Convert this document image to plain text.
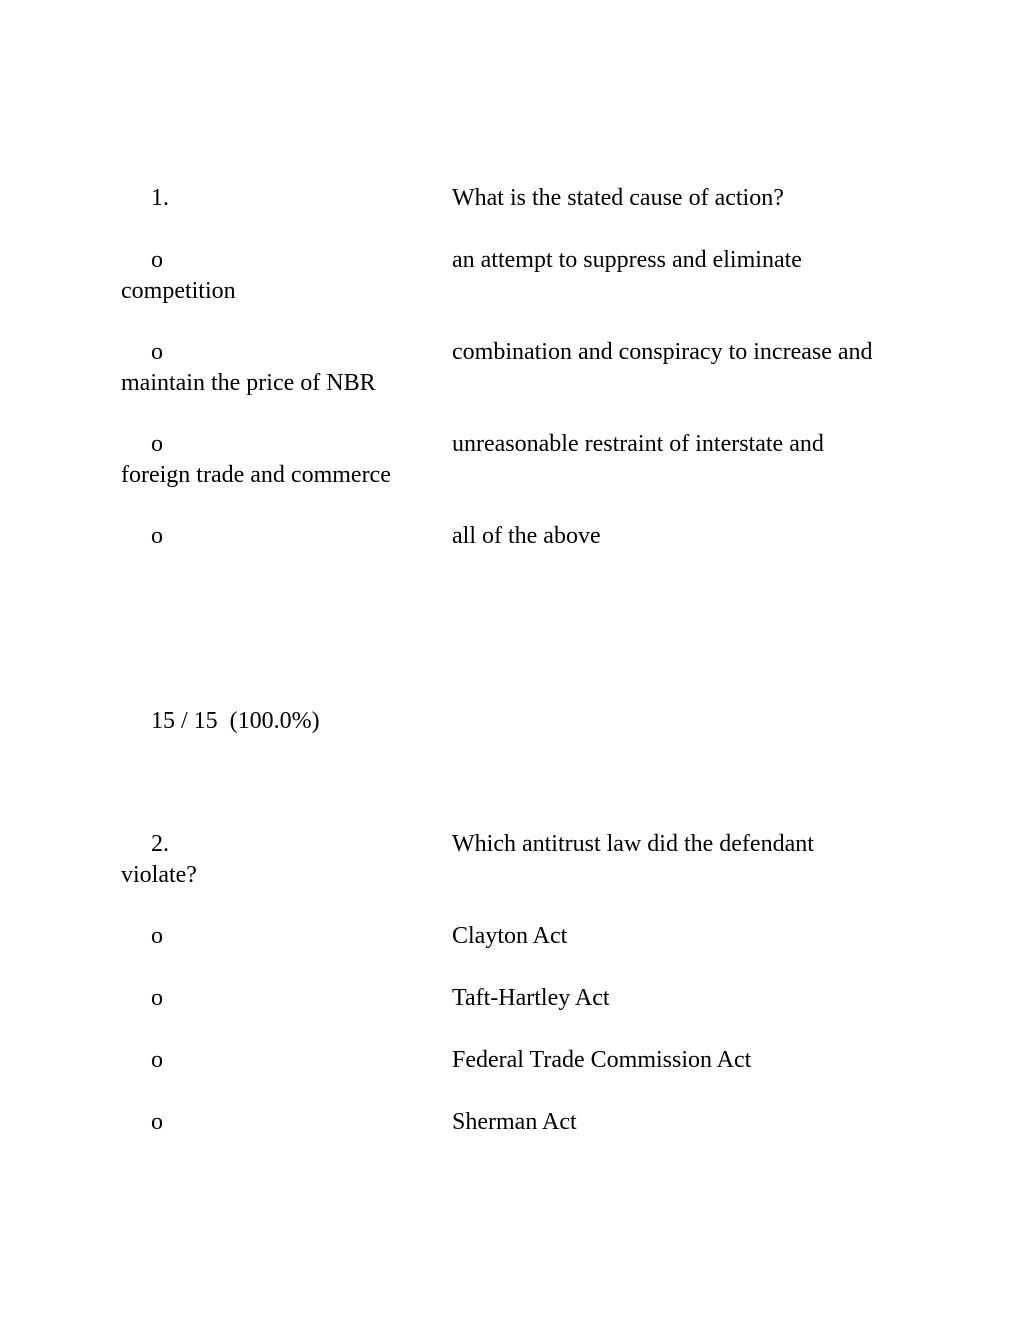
1.	What is the stated cause of action?
o	an attempt to suppress and eliminate competition
o	combination and conspiracy to increase and maintain the price of NBR
o	unreasonable restraint of interstate and foreign trade and commerce
o	all of the above
15 / 15  (100.0%)
2.	Which antitrust law did the defendant violate?
o	Clayton Act
o	Taft-Hartley Act
o	Federal Trade Commission Act
o	Sherman Act
